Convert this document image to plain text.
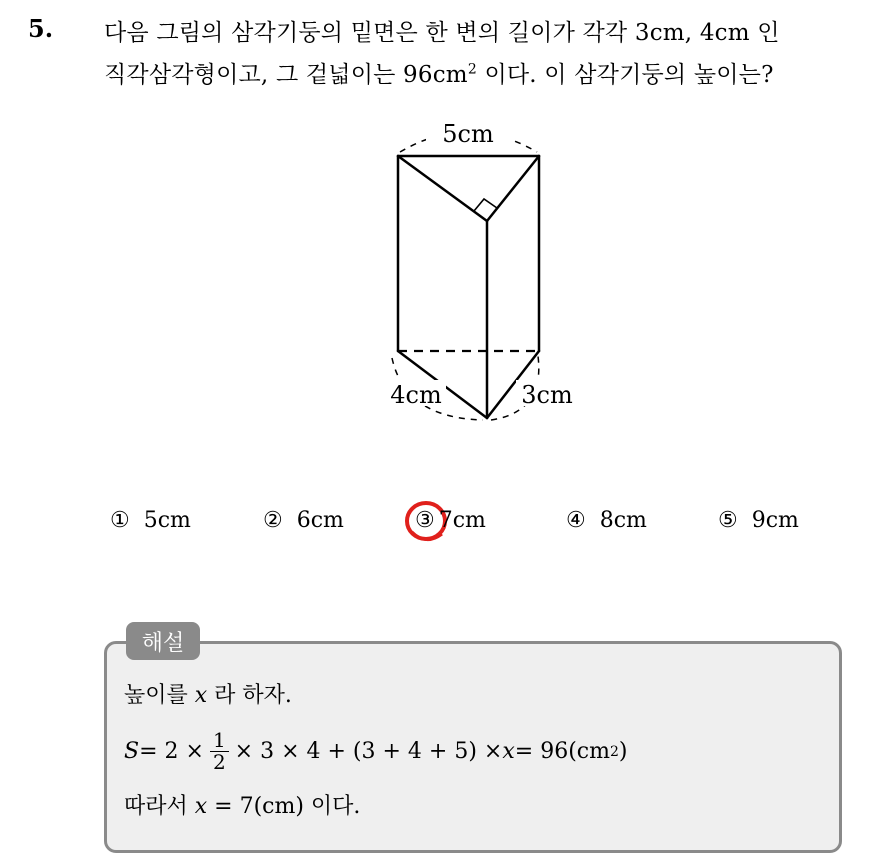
5. 다음 그림의 삼각기둥의 밑면은 한 변의 길이가 각각 3cm, 4cm 인
직각삼각형이고, 그 겉넓이는 $96cm^2$ 이다. 이 삼각기둥의 높이는?
5cm
4cm	3cm
① 5cm	② 6cm	③ 7cm	④ 8cm	⑤ 9cm
해설
높이를 x 라 하자.
$S = 2 \times \frac{1}{2} \times 3 \times 4 + (3 + 4 + 5) \times x = 96(cm$ 2 )
따라서 x = 7(cm) 이다.
